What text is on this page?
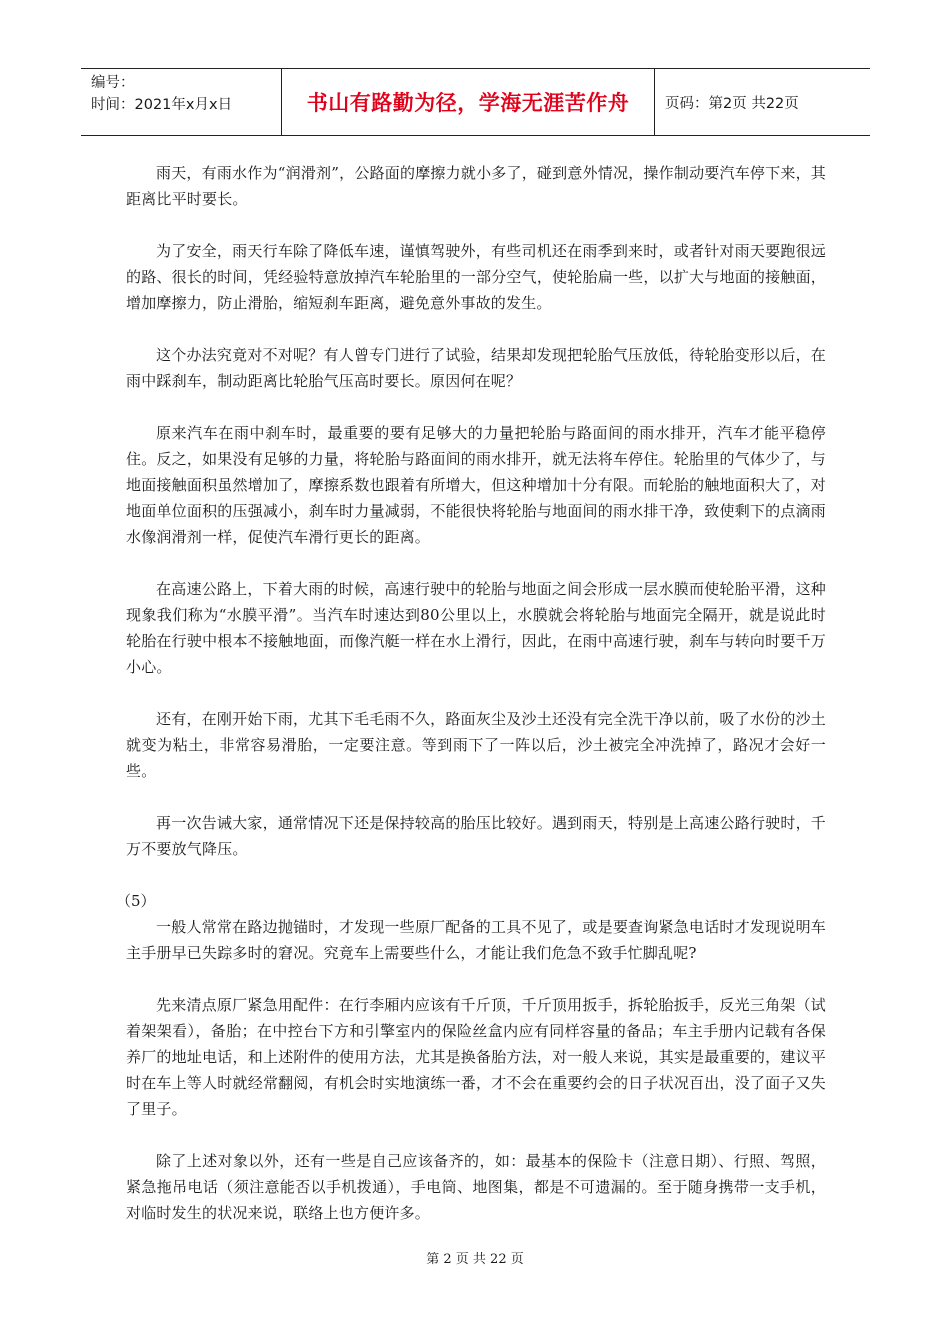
编号：
时间：2021年x月x日	书山有路勤为径，学海无涯苦作舟	页码：第2页 共22页

雨天，有雨水作为“润滑剂”，公路面的摩擦力就小多了，碰到意外情况，操作制动要汽车停下来，其距离比平时要长。

为了安全，雨天行车除了降低车速，谨慎驾驶外，有些司机还在雨季到来时，或者针对雨天要跑很远的路、很长的时间，凭经验特意放掉汽车轮胎里的一部分空气，使轮胎扁一些，以扩大与地面的接触面，增加摩擦力，防止滑胎，缩短刹车距离，避免意外事故的发生。

这个办法究竟对不对呢？有人曾专门进行了试验，结果却发现把轮胎气压放低，待轮胎变形以后，在雨中踩刹车，制动距离比轮胎气压高时要长。原因何在呢？

原来汽车在雨中刹车时，最重要的要有足够大的力量把轮胎与路面间的雨水排开，汽车才能平稳停住。反之，如果没有足够的力量，将轮胎与路面间的雨水排开，就无法将车停住。轮胎里的气体少了，与地面接触面积虽然增加了，摩擦系数也跟着有所增大，但这种增加十分有限。而轮胎的触地面积大了，对地面单位面积的压强减小，刹车时力量减弱，不能很快将轮胎与地面间的雨水排干净，致使剩下的点滴雨水像润滑剂一样，促使汽车滑行更长的距离。

在高速公路上，下着大雨的时候，高速行驶中的轮胎与地面之间会形成一层水膜而使轮胎平滑，这种现象我们称为“水膜平滑”。当汽车时速达到80公里以上，水膜就会将轮胎与地面完全隔开，就是说此时轮胎在行驶中根本不接触地面，而像汽艇一样在水上滑行，因此，在雨中高速行驶，刹车与转向时要千万小心。

还有，在刚开始下雨，尤其下毛毛雨不久，路面灰尘及沙土还没有完全洗干净以前，吸了水份的沙土就变为粘土，非常容易滑胎，一定要注意。等到雨下了一阵以后，沙土被完全冲洗掉了，路况才会好一些。

再一次告诫大家，通常情况下还是保持较高的胎压比较好。遇到雨天，特别是上高速公路行驶时，千万不要放气降压。

（5）

一般人常常在路边抛锚时，才发现一些原厂配备的工具不见了，或是要查询紧急电话时才发现说明车主手册早已失踪多时的窘况。究竟车上需要些什么，才能让我们危急不致手忙脚乱呢?

先来清点原厂紧急用配件：在行李厢内应该有千斤顶，千斤顶用扳手，拆轮胎扳手，反光三角架（试着架架看），备胎；在中控台下方和引擎室内的保险丝盒内应有同样容量的备品；车主手册内记载有各保养厂的地址电话，和上述附件的使用方法，尤其是换备胎方法，对一般人来说，其实是最重要的，建议平时在车上等人时就经常翻阅，有机会时实地演练一番，才不会在重要约会的日子状况百出，没了面子又失了里子。

除了上述对象以外，还有一些是自己应该备齐的，如：最基本的保险卡（注意日期）、行照、驾照，紧急拖吊电话（须注意能否以手机拨通），手电筒、地图集，都是不可遗漏的。至于随身携带一支手机，对临时发生的状况来说，联络上也方便许多。

第 2 页 共 22 页
